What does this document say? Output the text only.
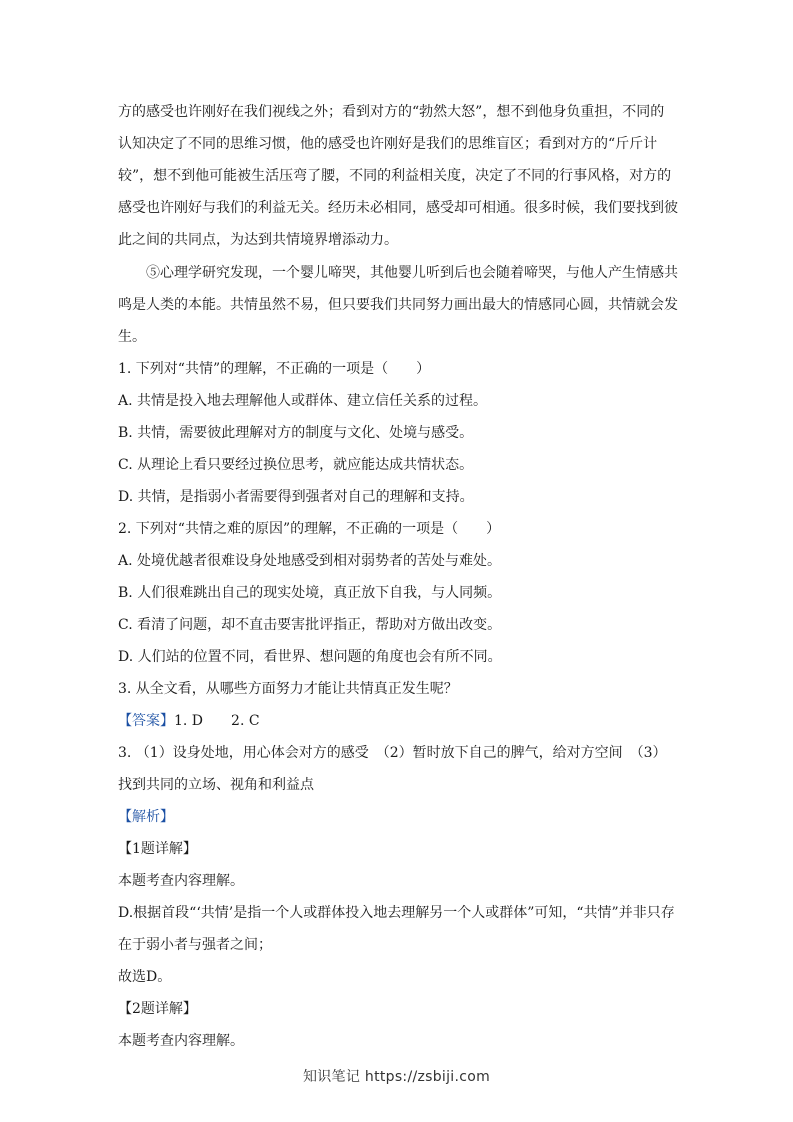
方的感受也许刚好在我们视线之外；看到对方的“勃然大怒”，想不到他身负重担，不同的认知决定了不同的思维习惯，他的感受也许刚好是我们的思维盲区；看到对方的“斤斤计较”，想不到他可能被生活压弯了腰，不同的利益相关度，决定了不同的行事风格，对方的感受也许刚好与我们的利益无关。经历未必相同，感受却可相通。很多时候，我们要找到彼此之间的共同点，为达到共情境界增添动力。

⑤心理学研究发现，一个婴儿啼哭，其他婴儿听到后也会随着啼哭，与他人产生情感共鸣是人类的本能。共情虽然不易，但只要我们共同努力画出最大的情感同心圆，共情就会发生。

1. 下列对“共情”的理解，不正确的一项是（　　）

A. 共情是投入地去理解他人或群体、建立信任关系的过程。

B. 共情，需要彼此理解对方的制度与文化、处境与感受。

C. 从理论上看只要经过换位思考，就应能达成共情状态。

D. 共情，是指弱小者需要得到强者对自己的理解和支持。

2. 下列对“共情之难的原因”的理解，不正确的一项是（　　）

A. 处境优越者很难设身处地感受到相对弱势者的苦处与难处。

B. 人们很难跳出自己的现实处境，真正放下自我，与人同频。

C. 看清了问题，却不直击要害批评指正，帮助对方做出改变。

D. 人们站的位置不同，看世界、想问题的角度也会有所不同。

3. 从全文看，从哪些方面努力才能让共情真正发生呢？

【答案】1. D　　2. C

3. （1）设身处地，用心体会对方的感受　（2）暂时放下自己的脾气，给对方空间　（3）找到共同的立场、视角和利益点

【解析】

【1题详解】

本题考查内容理解。

D.根据首段“‘共情’是指一个人或群体投入地去理解另一个人或群体”可知，“共情”并非只存在于弱小者与强者之间；

故选D。

【2题详解】

本题考查内容理解。

知识笔记 https://zsbiji.com
